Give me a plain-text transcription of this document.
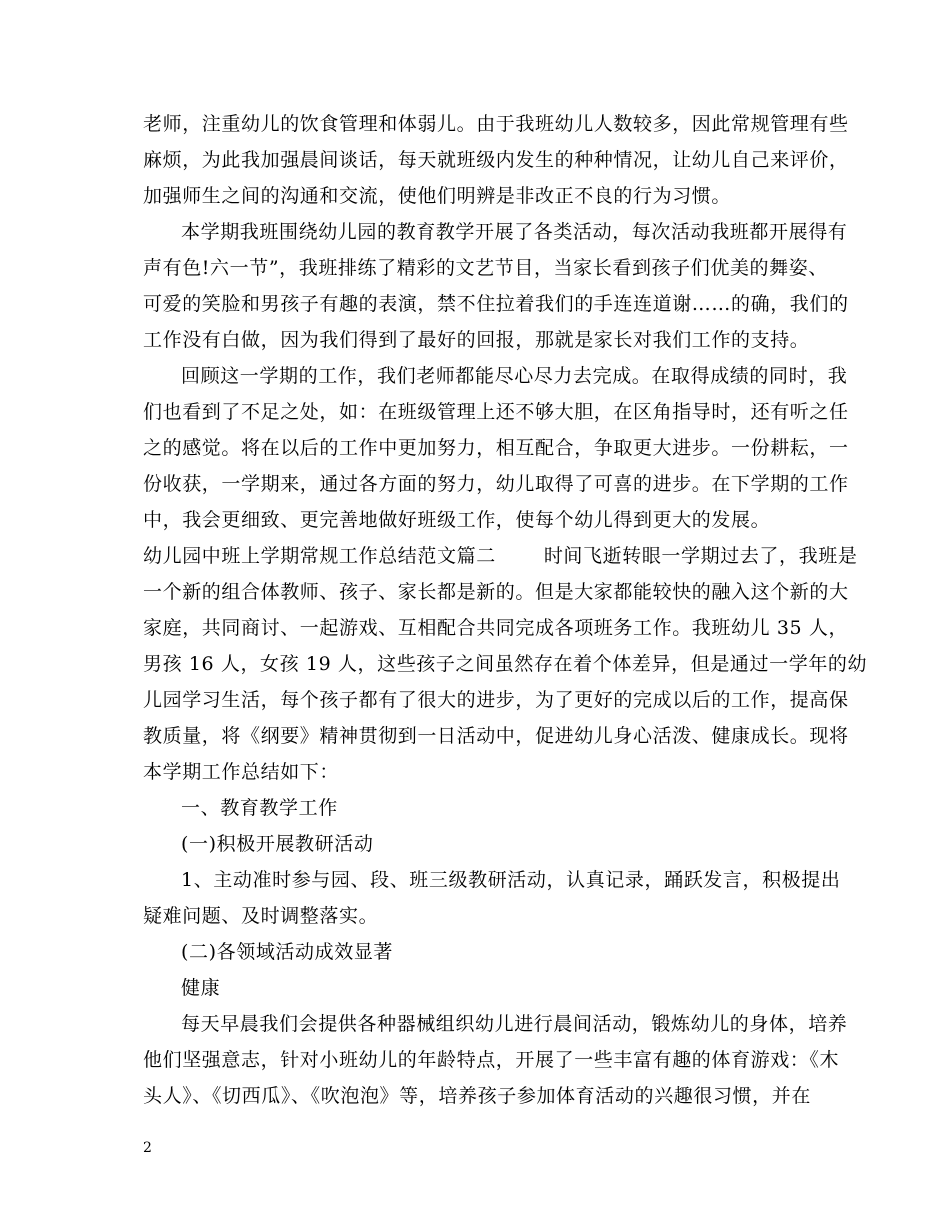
老师，注重幼儿的饮食管理和体弱儿。由于我班幼儿人数较多，因此常规管理有些
麻烦，为此我加强晨间谈话，每天就班级内发生的种种情况，让幼儿自己来评价，
加强师生之间的沟通和交流，使他们明辨是非改正不良的行为习惯。
本学期我班围绕幼儿园的教育教学开展了各类活动，每次活动我班都开展得有
声有色!六一节”，我班排练了精彩的文艺节目，当家长看到孩子们优美的舞姿、
可爱的笑脸和男孩子有趣的表演，禁不住拉着我们的手连连道谢……的确，我们的
工作没有白做，因为我们得到了最好的回报，那就是家长对我们工作的支持。
回顾这一学期的工作，我们老师都能尽心尽力去完成。在取得成绩的同时，我
们也看到了不足之处，如：在班级管理上还不够大胆，在区角指导时，还有听之任
之的感觉。将在以后的工作中更加努力，相互配合，争取更大进步。一份耕耘，一
份收获，一学期来，通过各方面的努力，幼儿取得了可喜的进步。在下学期的工作
中，我会更细致、更完善地做好班级工作，使每个幼儿得到更大的发展。
幼儿园中班上学期常规工作总结范文篇二	时间飞逝转眼一学期过去了，我班是
一个新的组合体教师、孩子、家长都是新的。但是大家都能较快的融入这个新的大
家庭，共同商讨、一起游戏、互相配合共同完成各项班务工作。我班幼儿 35 人，
男孩 16 人，女孩 19 人，这些孩子之间虽然存在着个体差异，但是通过一学年的幼
儿园学习生活，每个孩子都有了很大的进步，为了更好的完成以后的工作，提高保
教质量，将《纲要》精神贯彻到一日活动中，促进幼儿身心活泼、健康成长。现将
本学期工作总结如下：
一、教育教学工作
(一)积极开展教研活动
1、主动准时参与园、段、班三级教研活动，认真记录，踊跃发言，积极提出
疑难问题、及时调整落实。
(二)各领域活动成效显著
健康
每天早晨我们会提供各种器械组织幼儿进行晨间活动，锻炼幼儿的身体，培养
他们坚强意志，针对小班幼儿的年龄特点，开展了一些丰富有趣的体育游戏：《木
头人》、《切西瓜》、《吹泡泡》等，培养孩子参加体育活动的兴趣很习惯，并在
2
